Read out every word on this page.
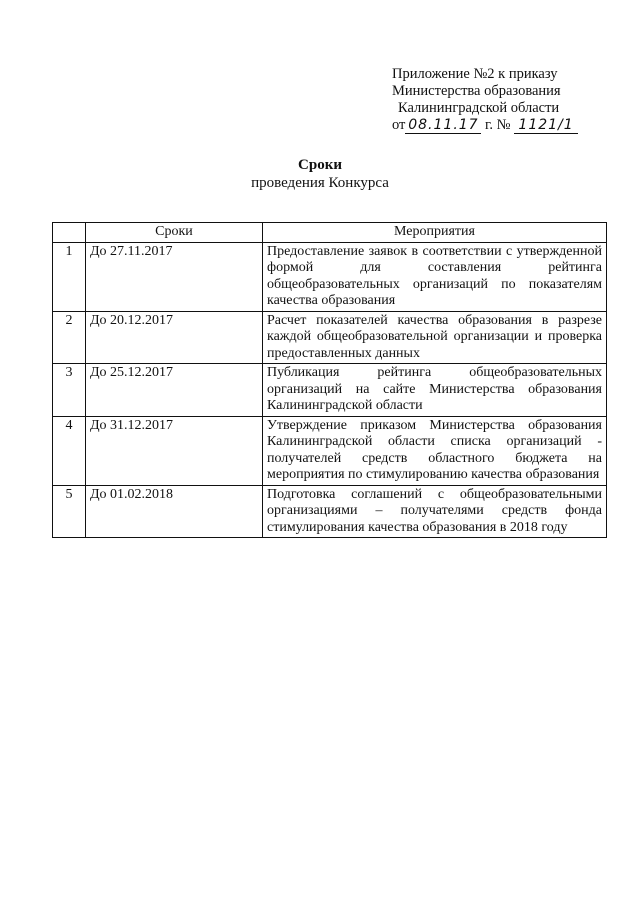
Приложение №2 к приказу
Министерства образования
Калининградской области
от 08.11.17 г. № 1121/1
Сроки
проведения Конкурса
	Сроки	Мероприятия
1	До 27.11.2017	Предоставление заявок в соответствии с утвержденной формой для составления рейтинга общеобразовательных организаций по показателям качества образования
2	До 20.12.2017	Расчет показателей качества образования в разрезе каждой общеобразовательной организации и проверка предоставленных данных
3	До 25.12.2017	Публикация рейтинга общеобразовательных организаций на сайте Министерства образования Калининградской области
4	До 31.12.2017	Утверждение приказом Министерства образования Калининградской области списка организаций - получателей средств областного бюджета на мероприятия по стимулированию качества образования
5	До 01.02.2018	Подготовка соглашений с общеобразовательными организациями – получателями средств фонда стимулирования качества образования в 2018 году
